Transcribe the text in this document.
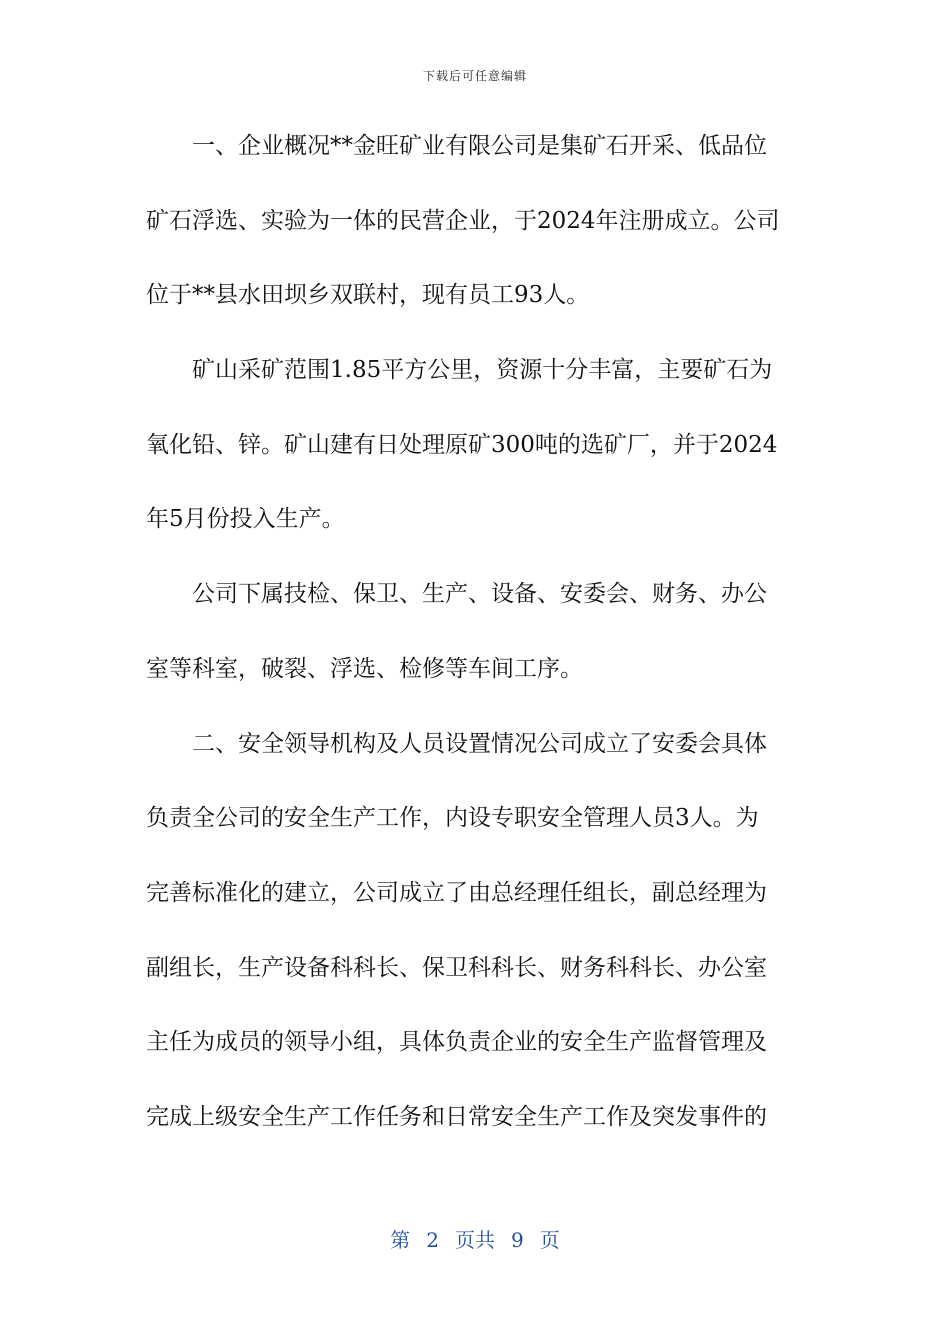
下载后可任意编辑
一、企业概况**金旺矿业有限公司是集矿石开采、低品位
矿石浮选、实验为一体的民营企业，于2024年注册成立。公司
位于**县水田坝乡双联村，现有员工93人。
矿山采矿范围1.85平方公里，资源十分丰富，主要矿石为
氧化铅、锌。矿山建有日处理原矿300吨的选矿厂，并于2024
年5月份投入生产。
公司下属技检、保卫、生产、设备、安委会、财务、办公
室等科室，破裂、浮选、检修等车间工序。
二、安全领导机构及人员设置情况公司成立了安委会具体
负责全公司的安全生产工作，内设专职安全管理人员3人。为
完善标准化的建立，公司成立了由总经理任组长，副总经理为
副组长，生产设备科科长、保卫科科长、财务科科长、办公室
主任为成员的领导小组，具体负责企业的安全生产监督管理及
完成上级安全生产工作任务和日常安全生产工作及突发事件的
第 2 页共 9 页
